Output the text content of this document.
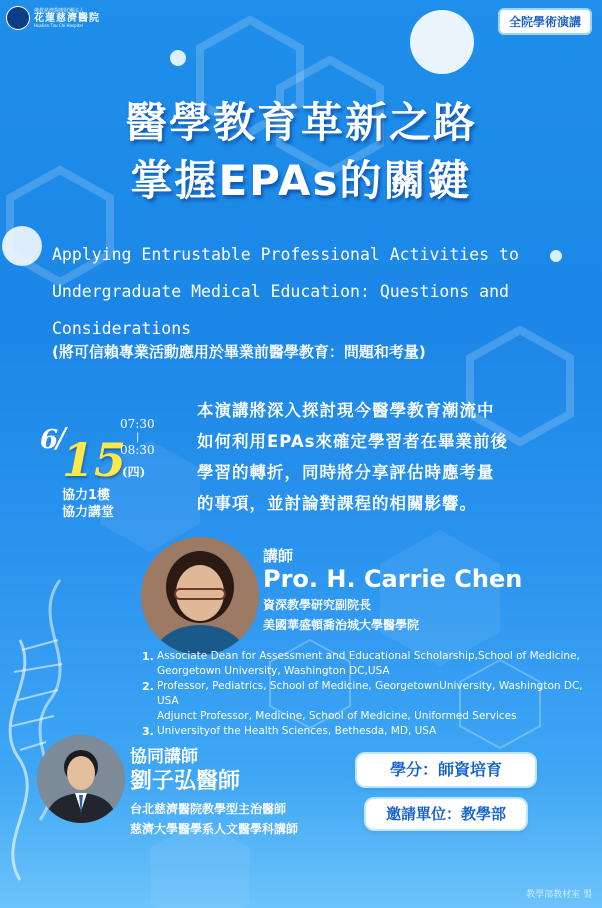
佛教慈濟醫療財團法人
花蓮慈濟醫院
Hualien Tzu Chi Hospital	全院學術演講
醫學教育革新之路
掌握EPAs的關鍵
Applying Entrustable Professional Activities to
Undergraduate Medical Education: Questions and
Considerations
(將可信賴專業活動應用於畢業前醫學教育：問題和考量)
6
/
15
07:30
|
08:30
(四)
協力1樓
協力講堂
本演講將深入探討現今醫學教育潮流中
如何利用EPAs來確定學習者在畢業前後
學習的轉折，同時將分享評估時應考量
的事項，並討論對課程的相關影響。
講師
Pro. H. Carrie Chen
資深教學研究副院長
美國華盛頓喬治城大學醫學院
1. Associate Dean for Assessment and Educational Scholarship,School of Medicine,
Georgetown University, Washington DC,USA
2. Professor, Pediatrics, School of Medicine, GeorgetownUniversity, Washington DC, USA
Adjunct Professor, Medicine, School of Medicine, Uniformed Services
3. Universityof the Health Sciences, Bethesda, MD, USA
協同講師
劉子弘醫師
台北慈濟醫院教學型主治醫師
慈濟大學醫學系人文醫學科講師
學分：師資培育
邀請單位：教學部
教學部教材室 製
